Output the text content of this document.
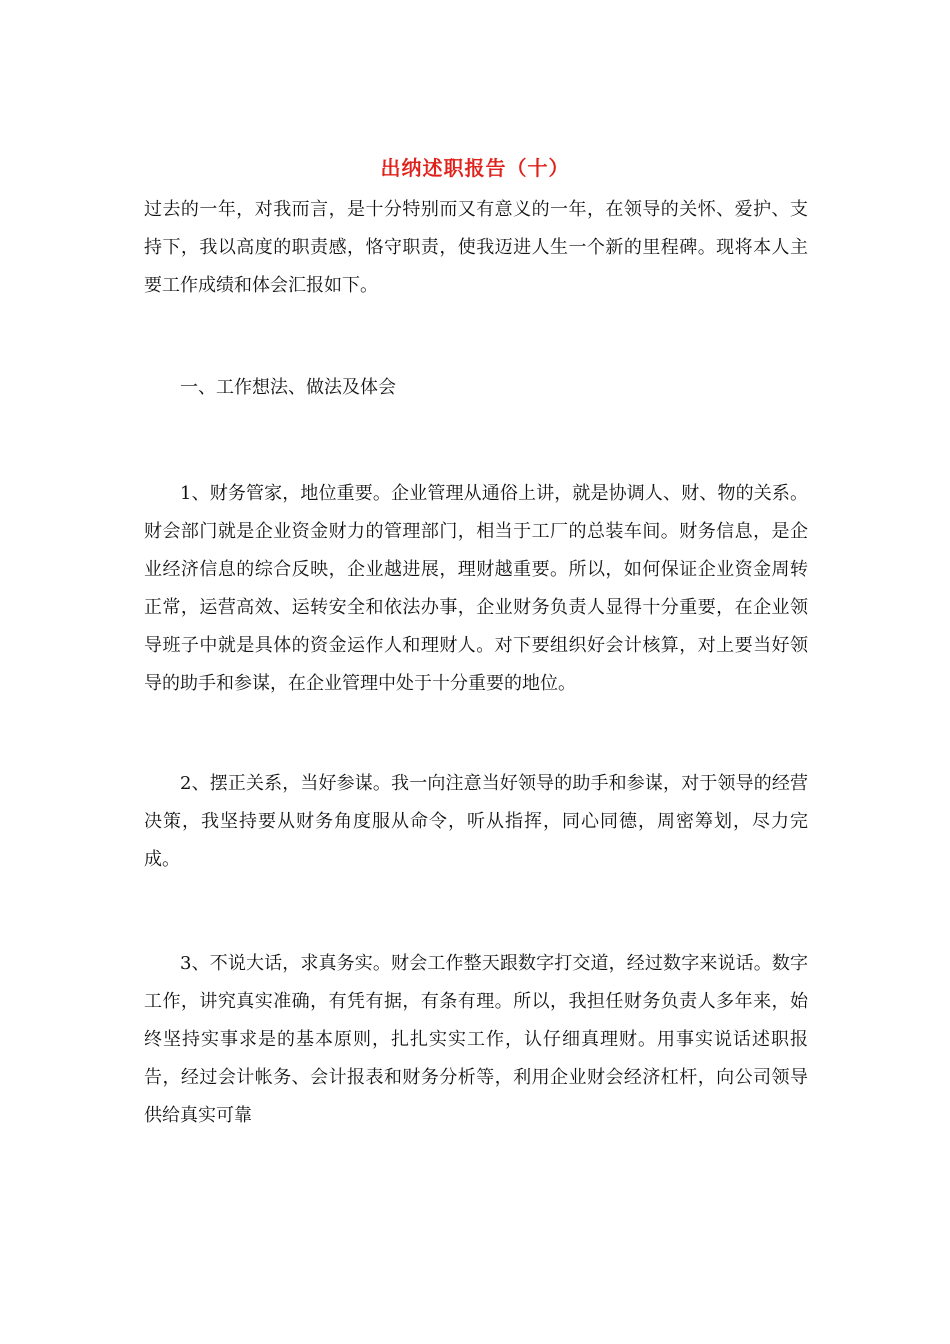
出纳述职报告（十）

过去的一年，对我而言，是十分特别而又有意义的一年，在领导的关怀、爱护、支持下，我以高度的职责感，恪守职责，使我迈进人生一个新的里程碑。现将本人主要工作成绩和体会汇报如下。

一、工作想法、做法及体会

1、财务管家，地位重要。企业管理从通俗上讲，就是协调人、财、物的关系。财会部门就是企业资金财力的管理部门，相当于工厂的总装车间。财务信息，是企业经济信息的综合反映，企业越进展，理财越重要。所以，如何保证企业资金周转正常，运营高效、运转安全和依法办事，企业财务负责人显得十分重要，在企业领导班子中就是具体的资金运作人和理财人。对下要组织好会计核算，对上要当好领导的助手和参谋，在企业管理中处于十分重要的地位。

2、摆正关系，当好参谋。我一向注意当好领导的助手和参谋，对于领导的经营决策，我坚持要从财务角度服从命令，听从指挥，同心同德，周密筹划，尽力完成。

3、不说大话，求真务实。财会工作整天跟数字打交道，经过数字来说话。数字工作，讲究真实准确，有凭有据，有条有理。所以，我担任财务负责人多年来，始终坚持实事求是的基本原则，扎扎实实工作，认仔细真理财。用事实说话述职报告，经过会计帐务、会计报表和财务分析等，利用企业财会经济杠杆，向公司领导供给真实可靠
